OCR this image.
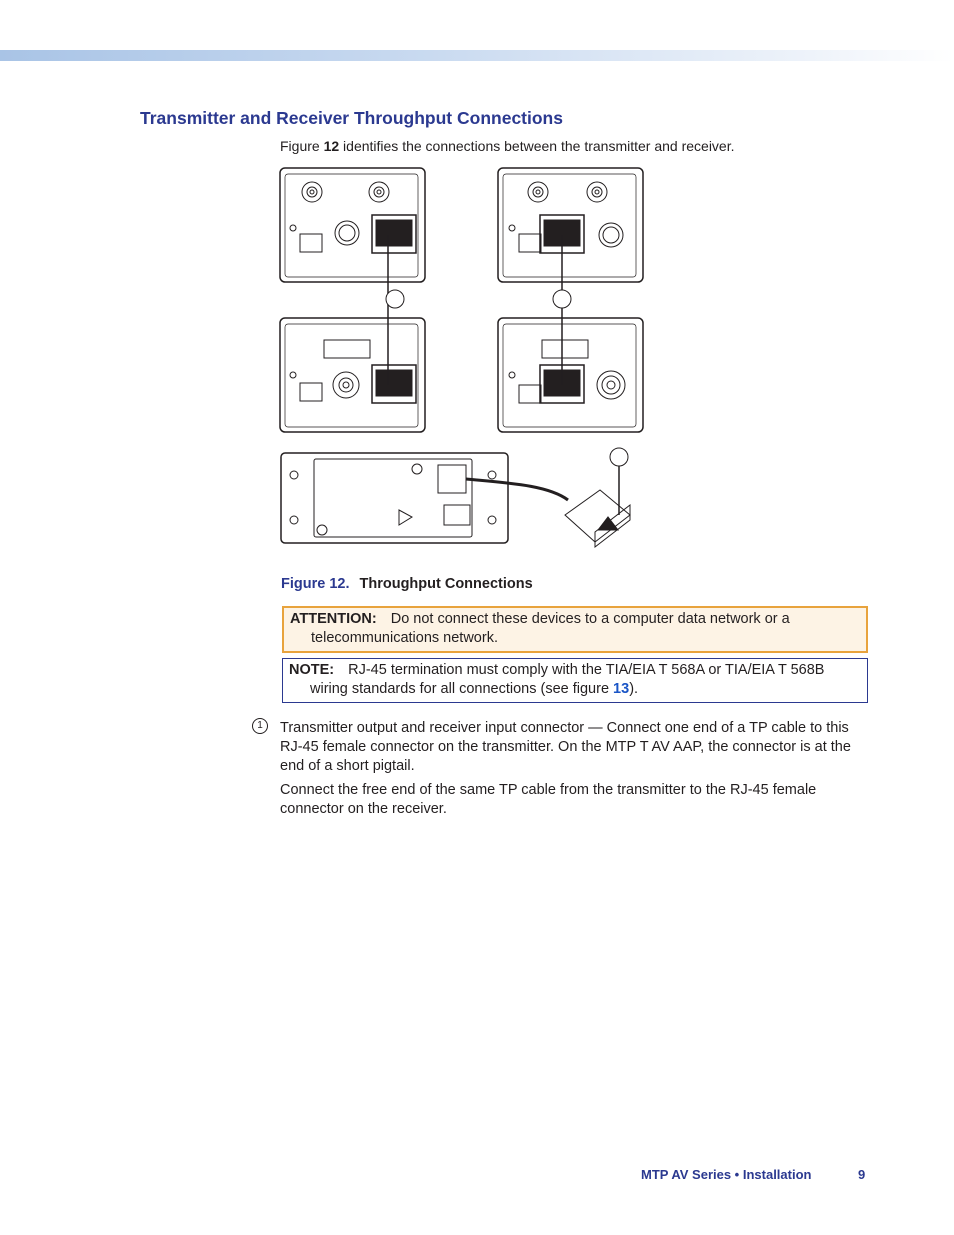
Transmitter and Receiver Throughput Connections
Figure 12 identifies the connections between the transmitter and receiver.
Figure 12. Throughput Connections
ATTENTION: Do not connect these devices to a computer data network or a
telecommunications network.
NOTE: RJ-45 termination must comply with the TIA/EIA T 568A or TIA/EIA T 568B
wiring standards for all connections (see figure 13).
1	Transmitter output and receiver input connector — Connect one end of a TP cable to this RJ-45 female connector on the transmitter. On the MTP T AV AAP, the connector is at the end of a short pigtail.

Connect the free end of the same TP cable from the transmitter to the RJ-45 female connector on the receiver.

MTP AV Series • Installation	9
